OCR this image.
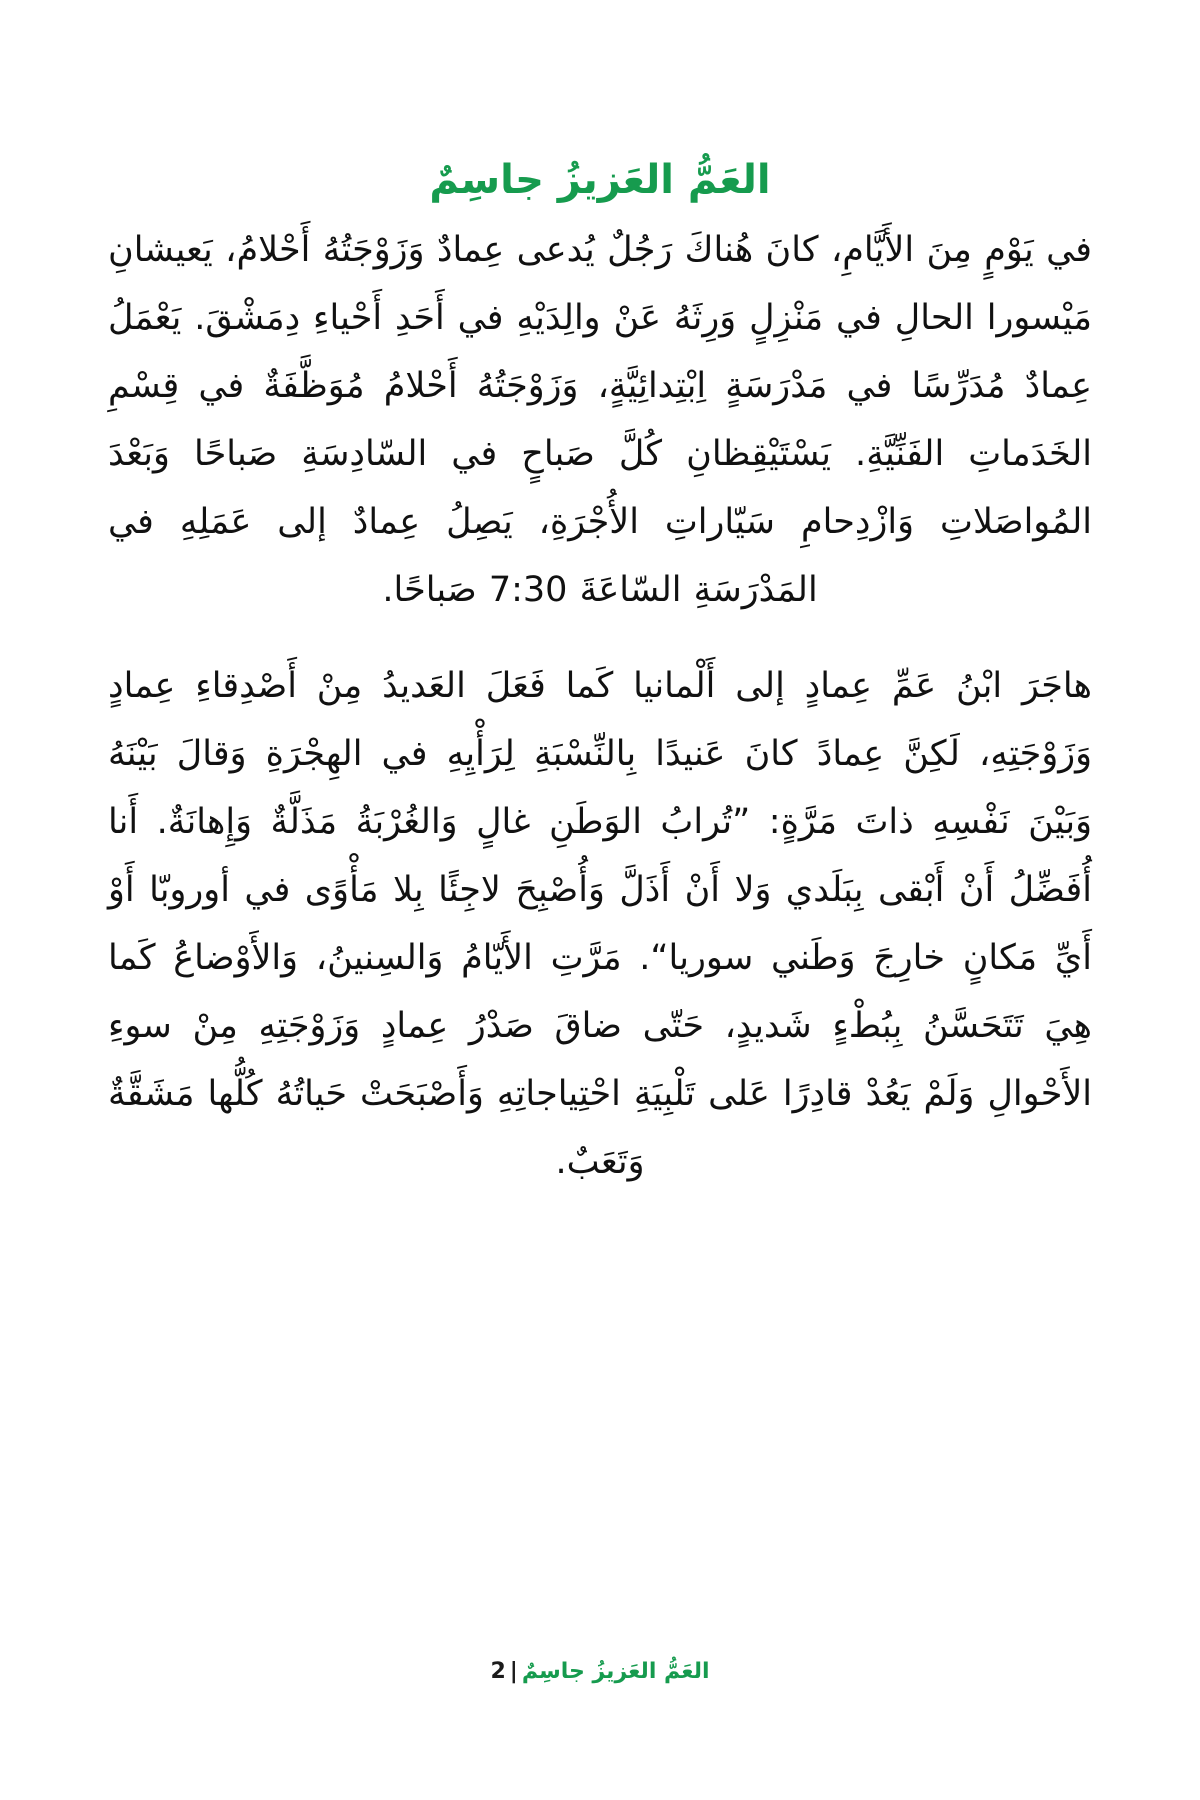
العم العزيز جاسم

في يوم من الأيام، كان هناك رجل يدعى عماد وزوجته أحلام، يعيشان ميسورا الحال في منزل ورثه عن والديه في أحد أحياء دمشق. يعمل عماد مدرسا في مدرسة ابتدائية، وزوجته أحلام موظفة في قسم الخدمات الفنية. يستيقظان كل صباح في السادسة صباحا وبعد المواصلات وازدحام سيارات الأجرة، يصل عماد إلى عمله في المدرسة الساعة 7:30 صباحا.

هاجر ابن عم عماد إلى ألمانيا كما فعل العديد من أصدقاء عماد وزوجته، لكن عماد كان عنيدا بالنسبة لرأيه في الهجرة وقال بينه وبين نفسه ذات مرة: ”تراب الوطن غال والغربة مذلة وإهانة. أنا أفضل أن أبقى ببلدي ولا أن أذل وأصبح لاجئا بلا مأوى في أوروبا أو أي مكان خارج وطني سوريا“. مرت الأيام والسنين، والأوضاع كما هي تتحسن ببطء شديد، حتى ضاق صدر عماد وزوجته من سوء الأحوال ولم يعد قادرا على تلبية احتياجاته وأصبحت حياته كلها مشقة وتعب.

العم العزيز جاسم|2
